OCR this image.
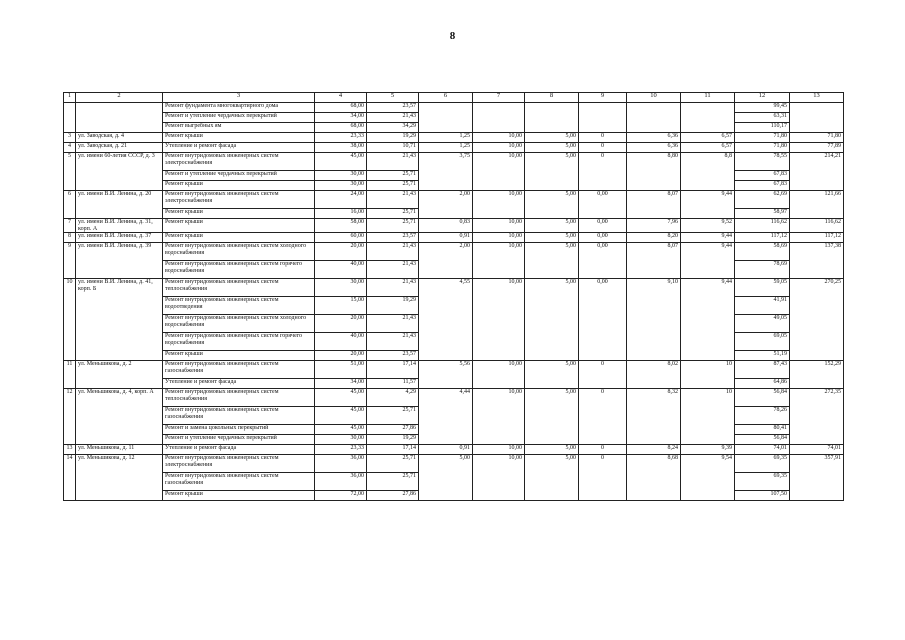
8
1	2	3	4	5	6	7	8	9	10	11	12	13
		Ремонт фундамента многоквартирного дома	68,00	23,57							99,45	
		Ремонт и утепление чердачных перекрытий	34,00	21,43							63,31	
		Ремонт выгребных ям	68,00	34,29							110,17	
3	ул. Заводская, д. 4	Ремонт крыши	23,33	19,29	1,25	10,00	5,00	0	6,36	6,57	71,80	71,80
4	ул. Заводская, д. 21	Утепление и ремонт фасада	38,00	10,71	1,25	10,00	5,00	0	6,36	6,57	71,80	77,89
5	ул. имени 60-летия СССР, д. 3	Ремонт внутридомовых инженерных систем электроснабжения	45,00	21,43	3,75	10,00	5,00	0	8,80	8,8	78,55	214,21
		Ремонт и утепление чердачных перекрытий	30,00	25,71							67,83	
		Ремонт крыши	30,00	25,71							67,83	
6	ул. имени В.И. Ленина, д. 20	Ремонт внутридомовых инженерных систем электроснабжения	24,00	21,43	2,00	10,00	5,00	0,00	8,07	9,44	62,69	121,66
		Ремонт крыши	16,00	25,71							58,97	
7	ул. имени В.И. Ленина, д. 31, корп. А	Ремонт крыши	58,00	25,71	0,83	10,00	5,00	0,00	7,96	9,52	116,62	116,62
8	ул. имени В.И. Ленина, д. 37	Ремонт крыши	60,00	23,57	0,91	10,00	5,00	0,00	8,20	9,44	117,12	117,12
9	ул. имени В.И. Ленина, д. 39	Ремонт внутридомовых инженерных систем холодного водоснабжения	20,00	21,43	2,00	10,00	5,00	0,00	8,07	9,44	58,69	137,38
		Ремонт внутридомовых инженерных систем горячего водоснабжения	40,00	21,43							78,69	
10	ул. имени В.И. Ленина, д. 41, корп. Б	Ремонт внутридомовых инженерных систем теплоснабжения	30,00	21,43	4,55	10,00	5,00	0,00	9,10	9,44	59,05	270,25
		Ремонт внутридомовых инженерных систем водоотведения	15,00	19,29							41,91	
		Ремонт внутридомовых инженерных систем холодного водоснабжения	20,00	21,43							49,05	
		Ремонт внутридомовых инженерных систем горячего водоснабжения	40,00	21,43							69,05	
		Ремонт крыши	20,00	23,57							51,19	
11	ул. Меньшикова, д. 2	Ремонт внутридомовых инженерных систем газоснабжения	51,00	17,14	5,56	10,00	5,00	0	8,02	10	87,43	152,29
		Утепление и ремонт фасада	34,00	11,57							64,86	
12	ул. Меньшикова, д. 4, корп. А	Ремонт внутридомовых инженерных систем теплоснабжения	45,00	4,29	4,44	10,00	5,00	0	8,32	10	56,84	272,35
		Ремонт внутридомовых инженерных систем газоснабжения	45,00	25,71							78,26	
		Ремонт и замена цокольных перекрытий	45,00	27,86							80,41	
		Ремонт и утепление чердачных перекрытий	30,00	19,29							56,84	
13	ул. Меньшикова, д. 11	Утепление и ремонт фасада	23,33	17,14	0,91	10,00	5,00	0	8,24	9,39	74,01	74,01
14	ул. Меньшикова, д. 12	Ремонт внутридомовых инженерных систем электроснабжения	36,00	25,71	5,00	10,00	5,00	0	8,68	9,54	69,35	357,91
		Ремонт внутридомовых инженерных систем газоснабжения	36,00	25,71							69,35	
		Ремонт крыши	72,00	27,86							107,50	
